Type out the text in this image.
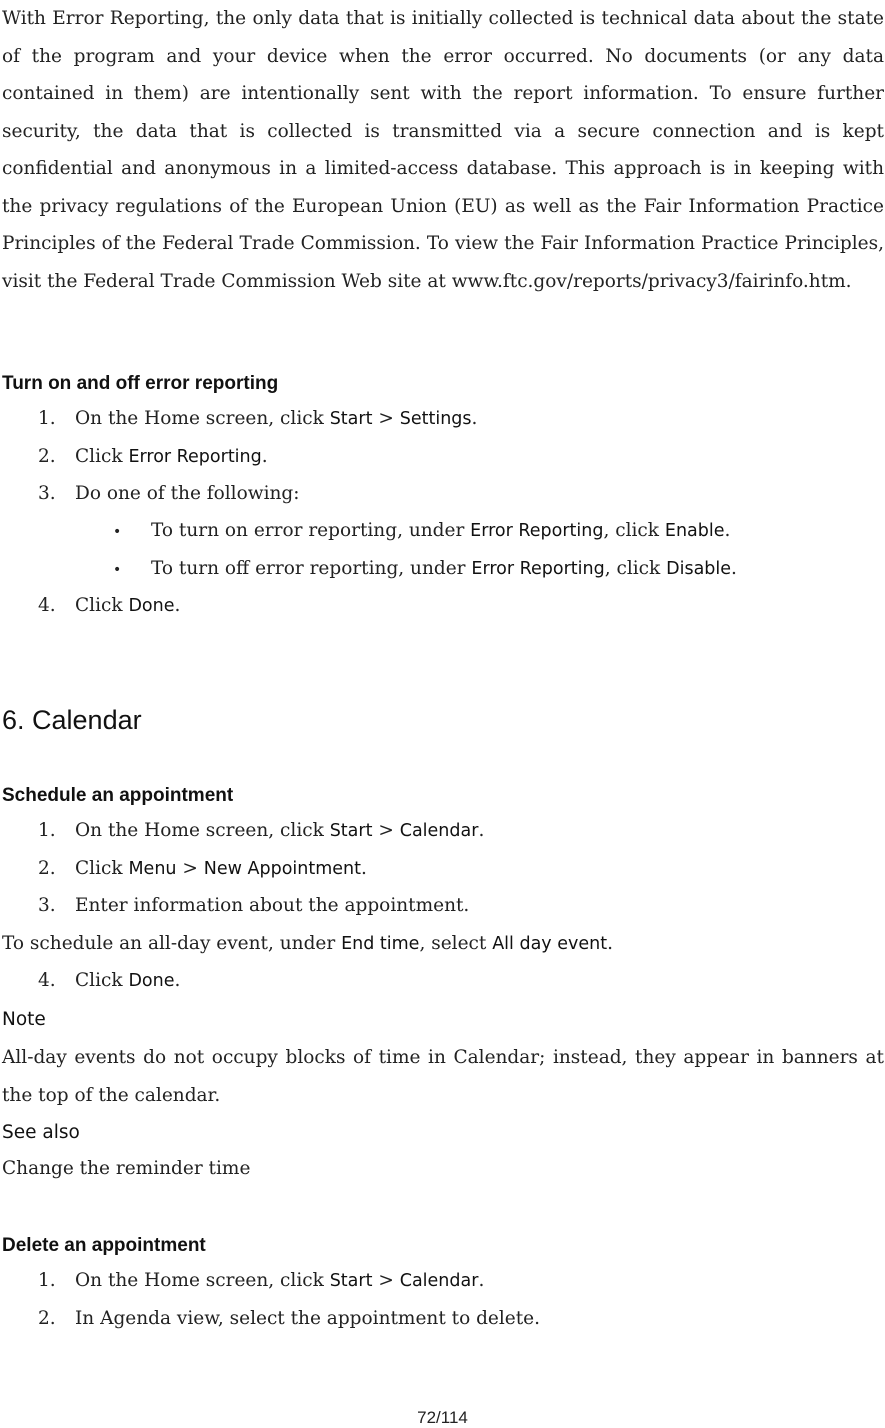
With Error Reporting, the only data that is initially collected is technical data about the state of the program and your device when the error occurred. No documents (or any data contained in them) are intentionally sent with the report information. To ensure further security, the data that is collected is transmitted via a secure connection and is kept confidential and anonymous in a limited-access database. This approach is in keeping with the privacy regulations of the European Union (EU) as well as the Fair Information Practice Principles of the Federal Trade Commission. To view the Fair Information Practice Principles, visit the Federal Trade Commission Web site at www.ftc.gov/reports/privacy3/fairinfo.htm.

Turn on and off error reporting
1. On the Home screen, click Start > Settings.
2. Click Error Reporting.
3. Do one of the following:
• To turn on error reporting, under Error Reporting, click Enable.
• To turn off error reporting, under Error Reporting, click Disable.
4. Click Done.
6. Calendar
Schedule an appointment
1. On the Home screen, click Start > Calendar.
2. Click Menu > New Appointment.
3. Enter information about the appointment.
To schedule an all-day event, under End time, select All day event.
4. Click Done.
Note

All-day events do not occupy blocks of time in Calendar; instead, they appear in banners at the top of the calendar.

See also
Change the reminder time
Delete an appointment
1. On the Home screen, click Start > Calendar.
2. In Agenda view, select the appointment to delete.
72/114
